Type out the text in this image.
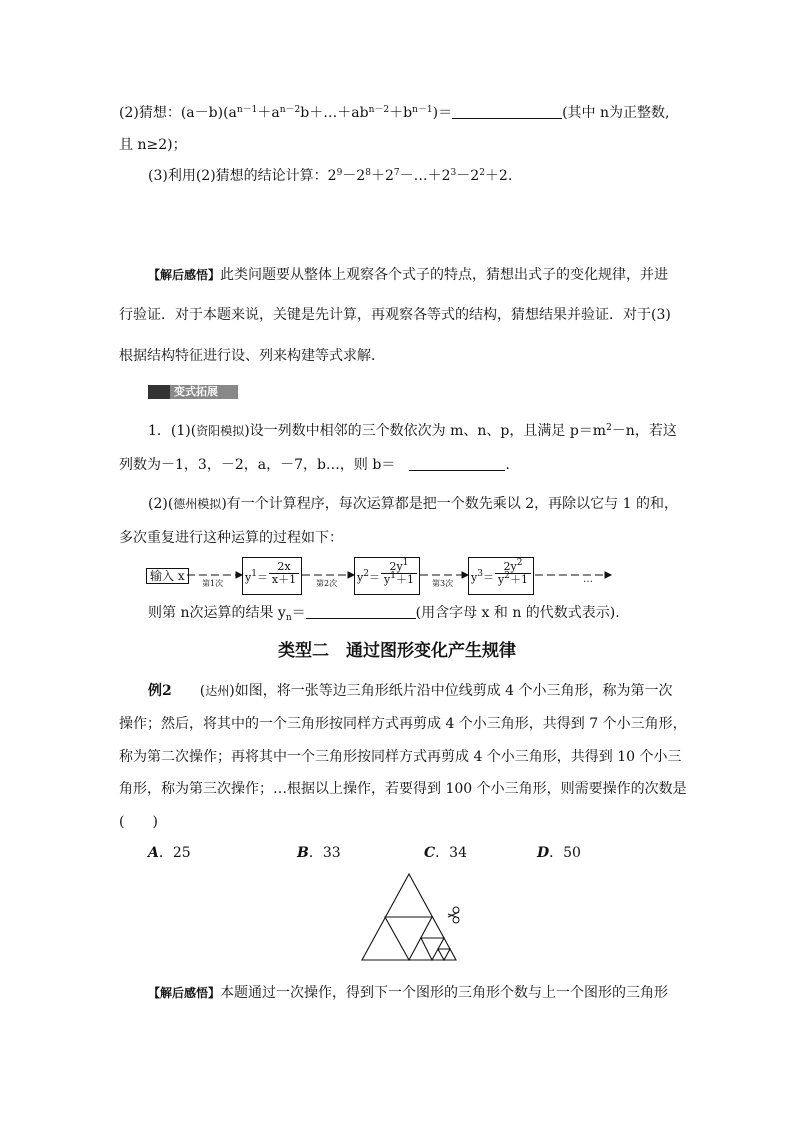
(2)猜想：$(a-b)(a^{n-1}+a^{n-2}b+\dots+ab^{n-2}+b^{n-1})=$	(其中 n为正整数,
且 n≥2)；
(3)利用(2)猜想的结论计算：$2^9-2^8+2^7-\dots+2^3-2^2+2$.
【解后感悟】此类问题要从整体上观察各个式子的特点，猜想出式子的变化规律，并进
行验证．对于本题来说，关键是先计算，再观察各等式的结构，猜想结果并验证．对于(3)
根据结构特征进行设、列来构建等式求解．
变式拓展
1．(1)(资阳模拟)设一列数中相邻的三个数依次为 m、n、p，且满足 $p=m^2-n$，若这
列数为－1，3，－2，a，－7，b…，则 b＝　	.
(2)(德州模拟)有一个计算程序，每次运算都是把一个数先乘以 2，再除以它与 1 的和，
多次重复进行这种运算的过程如下：
输入 x
第1次	第2次	第3次	…
$y^1= \frac{2x}{x+1}$	$y^2= \frac{2y^1}{y^1+1}$	$y^3= \frac{2y^2}{y^2+1}$
则第 n次运算的结果 $y_n=$	(用含字母 x 和 n 的代数式表示).
类型二　通过图形变化产生规律
例2　　(达州)如图，将一张等边三角形纸片沿中位线剪成 4 个小三角形，称为第一次
操作；然后，将其中的一个三角形按同样方式再剪成 4 个小三角形，共得到 7 个小三角形，
称为第二次操作；再将其中一个三角形按同样方式再剪成 4 个小三角形，共得到 10 个小三
角形，称为第三次操作；…根据以上操作，若要得到 100 个小三角形，则需要操作的次数是
(　　)
A．25	B．33	C．34	D．50
【解后感悟】本题通过一次操作，得到下一个图形的三角形个数与上一个图形的三角形
